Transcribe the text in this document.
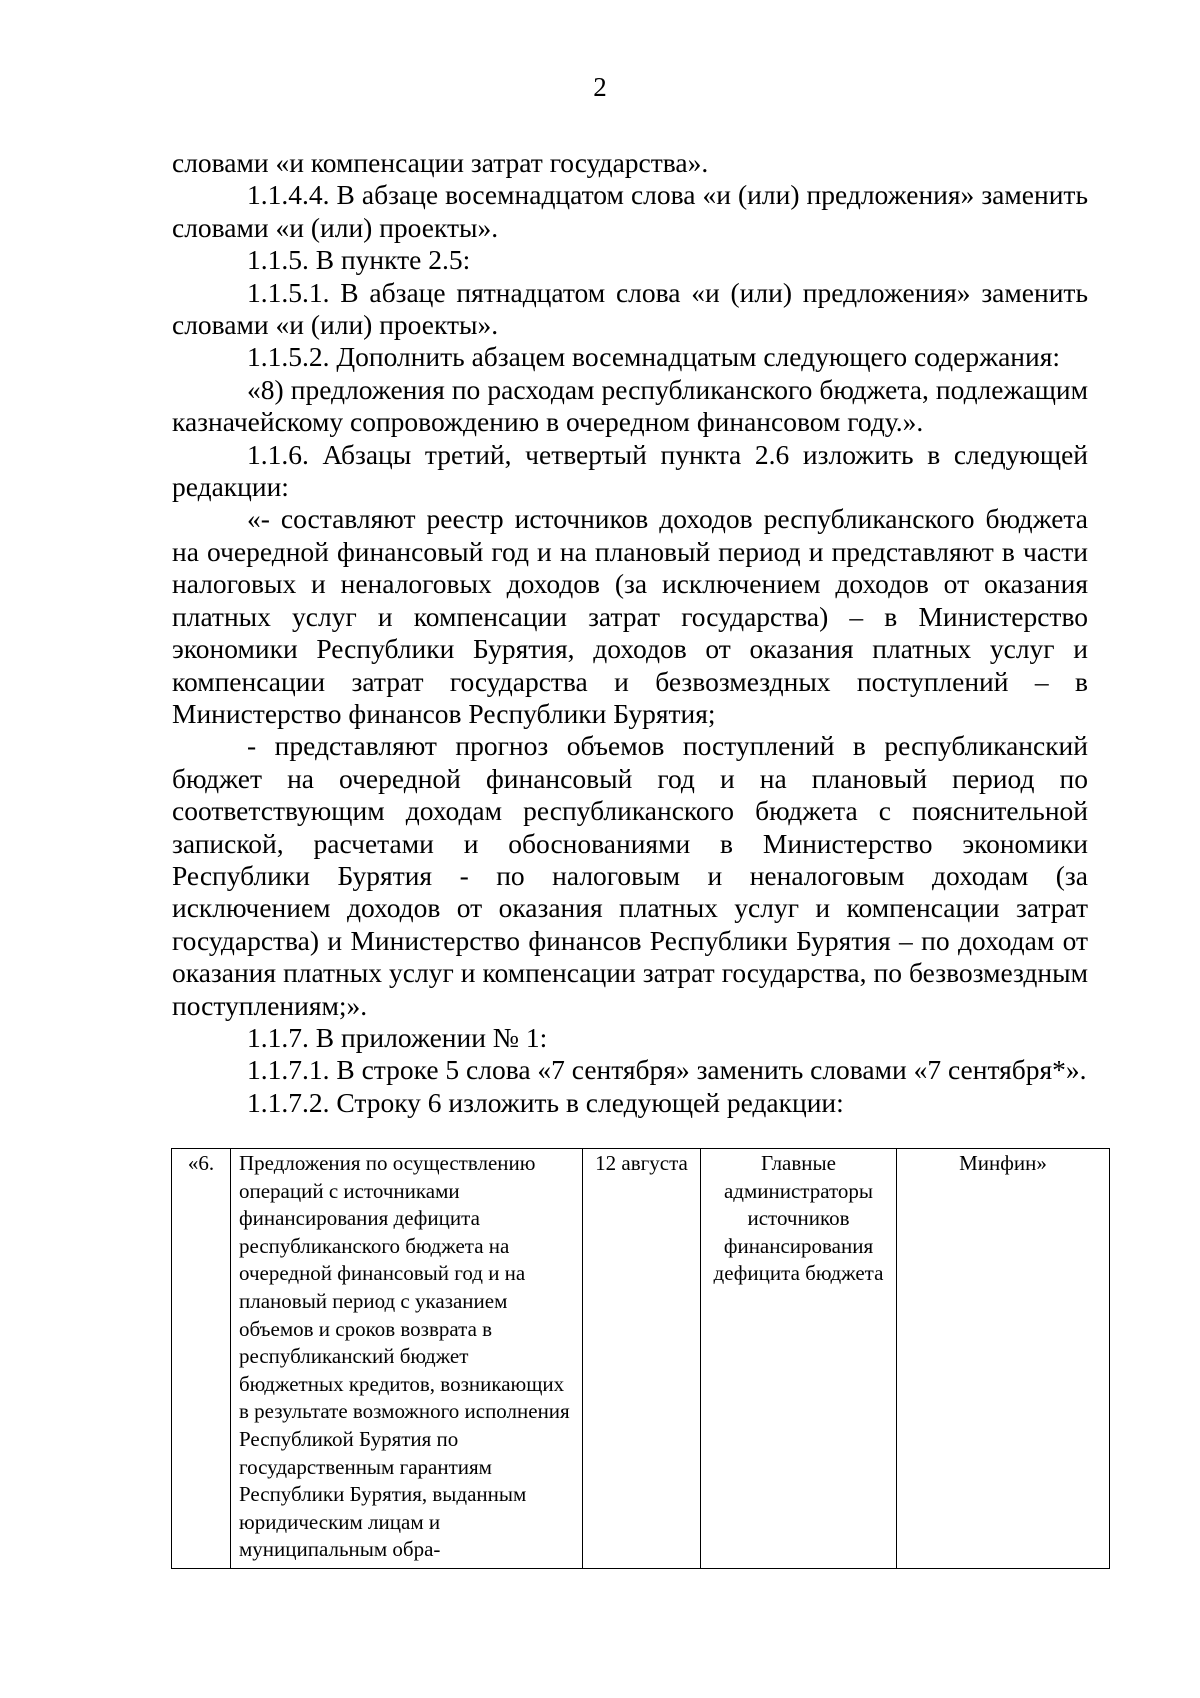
2

словами «и компенсации затрат государства».

1.1.4.4. В абзаце восемнадцатом слова «и (или) предложения» заменить словами «и (или) проекты».

1.1.5. В пункте 2.5:

1.1.5.1. В абзаце пятнадцатом слова «и (или) предложения» заменить словами «и (или) проекты».

1.1.5.2. Дополнить абзацем восемнадцатым следующего содержания:

«8) предложения по расходам республиканского бюджета, подлежащим казначейскому сопровождению в очередном финансовом году.».

1.1.6. Абзацы третий, четвертый пункта 2.6 изложить в следующей редакции:

«- составляют реестр источников доходов республиканского бюджета на очередной финансовый год и на плановый период и представляют в части налоговых и неналоговых доходов (за исключением доходов от оказания платных услуг и компенсации затрат государства) – в Министерство экономики Республики Бурятия, доходов от оказания платных услуг и компенсации затрат государства и безвозмездных поступлений – в Министерство финансов Республики Бурятия;

- представляют прогноз объемов поступлений в республиканский бюджет на очередной финансовый год и на плановый период по соответствующим доходам республиканского бюджета с пояснительной запиской, расчетами и обоснованиями в Министерство экономики Республики Бурятия - по налоговым и неналоговым доходам (за исключением доходов от оказания платных услуг и компенсации затрат государства) и Министерство финансов Республики Бурятия – по доходам от оказания платных услуг и компенсации затрат государства, по безвозмездным поступлениям;».

1.1.7. В приложении № 1:

1.1.7.1. В строке 5 слова «7 сентября» заменить словами «7 сентября*».

1.1.7.2. Строку 6 изложить в следующей редакции:

«6.	Предложения по осуществлению операций с источниками финансирования дефицита республиканского бюджета на очередной финансовый год и на плановый период с указанием объемов и сроков возврата в республиканский бюджет бюджетных кредитов, возникающих в результате возможного исполнения Республикой Бурятия по государственным гарантиям Республики Бурятия, выданным юридическим лицам и муниципальным обра-	12 августа	Главные администраторы источников финансирования дефицита бюджета	Минфин»
